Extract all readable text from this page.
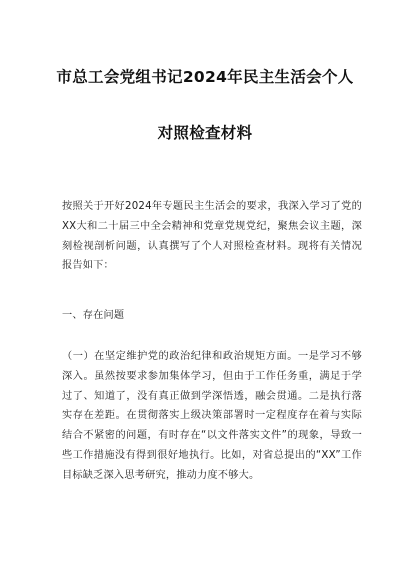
市总工会党组书记2024年民主生活会个人
对照检查材料
按照关于开好2024年专题民主生活会的要求，我深入学习了党的XX大和二十届三中全会精神和党章党规党纪，聚焦会议主题，深刻检视剖析问题，认真撰写了个人对照检查材料。现将有关情况报告如下：
一、存在问题
（一）在坚定维护党的政治纪律和政治规矩方面。一是学习不够深入。虽然按要求参加集体学习，但由于工作任务重，满足于学过了、知道了，没有真正做到学深悟透，融会贯通。二是执行落实存在差距。在贯彻落实上级决策部署时一定程度存在着与实际结合不紧密的问题，有时存在“以文件落实文件”的现象，导致一些工作措施没有得到很好地执行。比如，对省总提出的“XX”工作目标缺乏深入思考研究，推动力度不够大。
